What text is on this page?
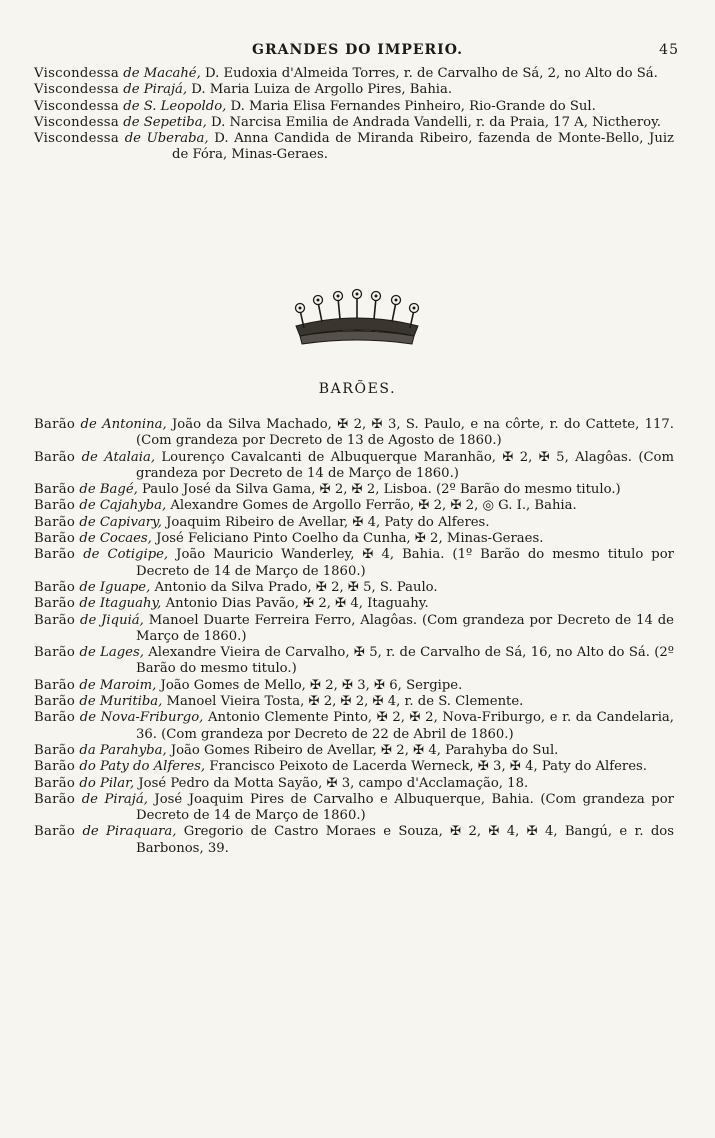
GRANDES DO IMPERIO.	45

Viscondessa de Macahé, D. Eudoxia d'Almeida Torres, r. de Carvalho de Sá, 2, no Alto do Sá.

Viscondessa de Pirajá, D. Maria Luiza de Argollo Pires, Bahia.

Viscondessa de S. Leopoldo, D. Maria Elisa Fernandes Pinheiro, Rio-Grande do Sul.

Viscondessa de Sepetiba, D. Narcisa Emilia de Andrada Vandelli, r. da Praia, 17 A, Nictheroy.

Viscondessa de Uberaba, D. Anna Candida de Miranda Ribeiro, fazenda de Monte-Bello, Juiz de Fóra, Minas-Geraes.

BARÕES.

Barão de Antonina, João da Silva Machado, ✠ 2, ✠ 3, S. Paulo, e na côrte, r. do Cattete, 117. (Com grandeza por Decreto de 13 de Agosto de 1860.)

Barão de Atalaia, Lourenço Cavalcanti de Albuquerque Maranhão, ✠ 2, ✠ 5, Alagôas. (Com grandeza por Decreto de 14 de Março de 1860.)

Barão de Bagé, Paulo José da Silva Gama, ✠ 2, ✠ 2, Lisboa. (2º Barão do mesmo titulo.)

Barão de Cajahyba, Alexandre Gomes de Argollo Ferrão, ✠ 2, ✠ 2, ◎ G. I., Bahia.

Barão de Capivary, Joaquim Ribeiro de Avellar, ✠ 4, Paty do Alferes.

Barão de Cocaes, José Feliciano Pinto Coelho da Cunha, ✠ 2, Minas-Geraes.

Barão de Cotigipe, João Mauricio Wanderley, ✠ 4, Bahia. (1º Barão do mesmo titulo por Decreto de 14 de Março de 1860.)

Barão de Iguape, Antonio da Silva Prado, ✠ 2, ✠ 5, S. Paulo.

Barão de Itaguahy, Antonio Dias Pavão, ✠ 2, ✠ 4, Itaguahy.

Barão de Jiquiá, Manoel Duarte Ferreira Ferro, Alagôas. (Com grandeza por Decreto de 14 de Março de 1860.)

Barão de Lages, Alexandre Vieira de Carvalho, ✠ 5, r. de Carvalho de Sá, 16, no Alto do Sá. (2º Barão do mesmo titulo.)

Barão de Maroim, João Gomes de Mello, ✠ 2, ✠ 3, ✠ 6, Sergipe.

Barão de Muritiba, Manoel Vieira Tosta, ✠ 2, ✠ 2, ✠ 4, r. de S. Clemente.

Barão de Nova-Friburgo, Antonio Clemente Pinto, ✠ 2, ✠ 2, Nova-Friburgo, e r. da Candelaria, 36. (Com grandeza por Decreto de 22 de Abril de 1860.)

Barão da Parahyba, João Gomes Ribeiro de Avellar, ✠ 2, ✠ 4, Parahyba do Sul.

Barão do Paty do Alferes, Francisco Peixoto de Lacerda Werneck, ✠ 3, ✠ 4, Paty do Alferes.

Barão do Pilar, José Pedro da Motta Sayão, ✠ 3, campo d'Acclamação, 18.

Barão de Pirajá, José Joaquim Pires de Carvalho e Albuquerque, Bahia. (Com grandeza por Decreto de 14 de Março de 1860.)

Barão de Piraquara, Gregorio de Castro Moraes e Souza, ✠ 2, ✠ 4, ✠ 4, Bangú, e r. dos Barbonos, 39.
